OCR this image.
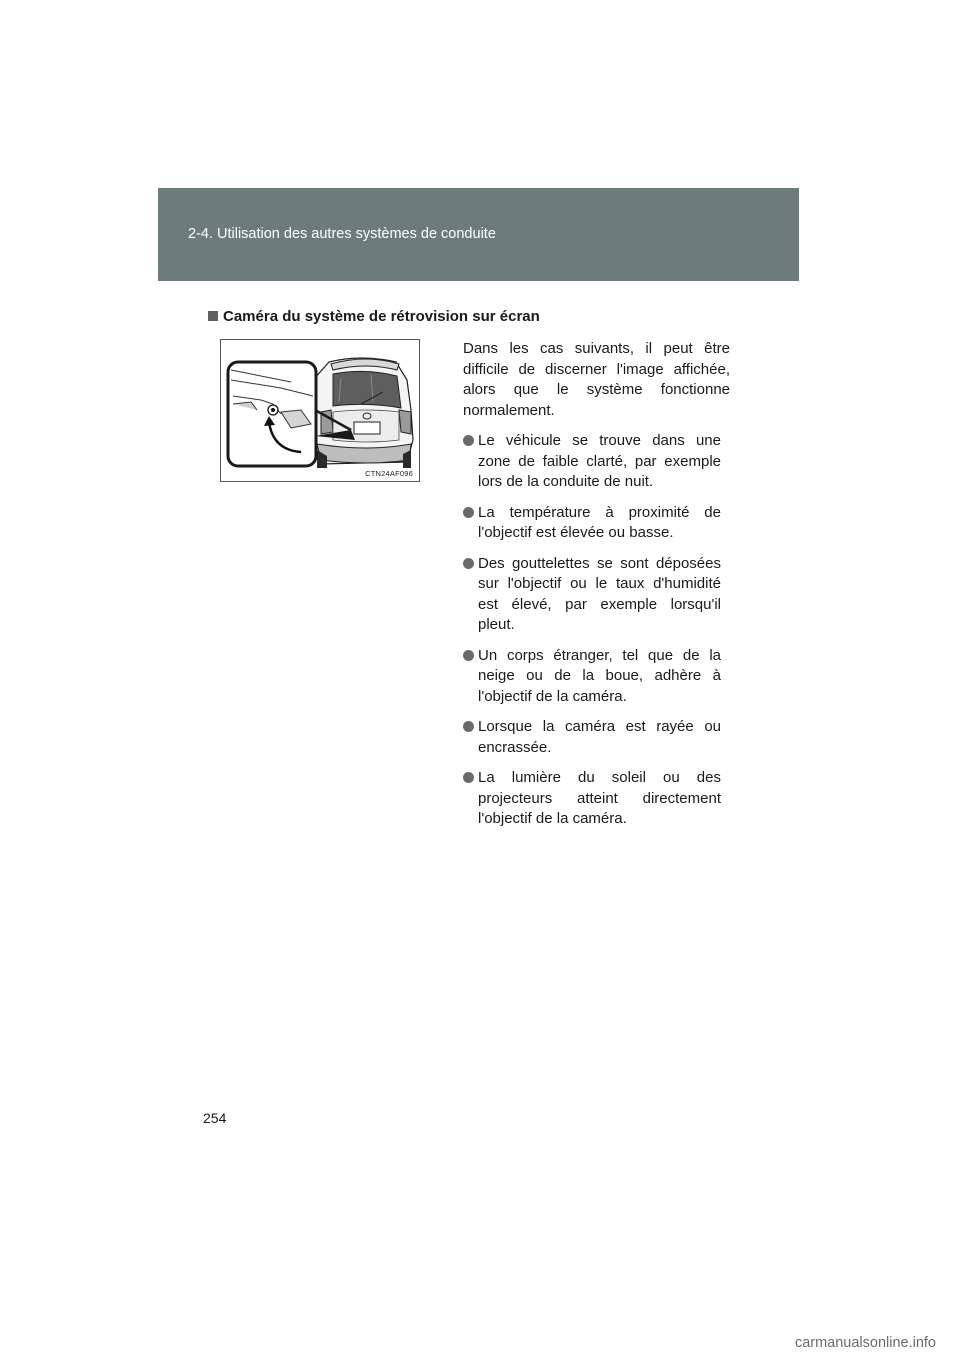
2-4. Utilisation des autres systèmes de conduite
Caméra du système de rétrovision sur écran
CTN24AF096

Dans les cas suivants, il peut être difficile de discerner l'image affichée, alors que le système fonctionne normalement.

Le véhicule se trouve dans une zone de faible clarté, par exemple lors de la conduite de nuit.
La température à proximité de l'objectif est élevée ou basse.
Des gouttelettes se sont déposées sur l'objectif ou le taux d'humidité est élevé, par exemple lorsqu'il pleut.
Un corps étranger, tel que de la neige ou de la boue, adhère à l'objectif de la caméra.
Lorsque la caméra est rayée ou encrassée.
La lumière du soleil ou des projecteurs atteint directement l'objectif de la caméra.
254
carmanualsonline.info
